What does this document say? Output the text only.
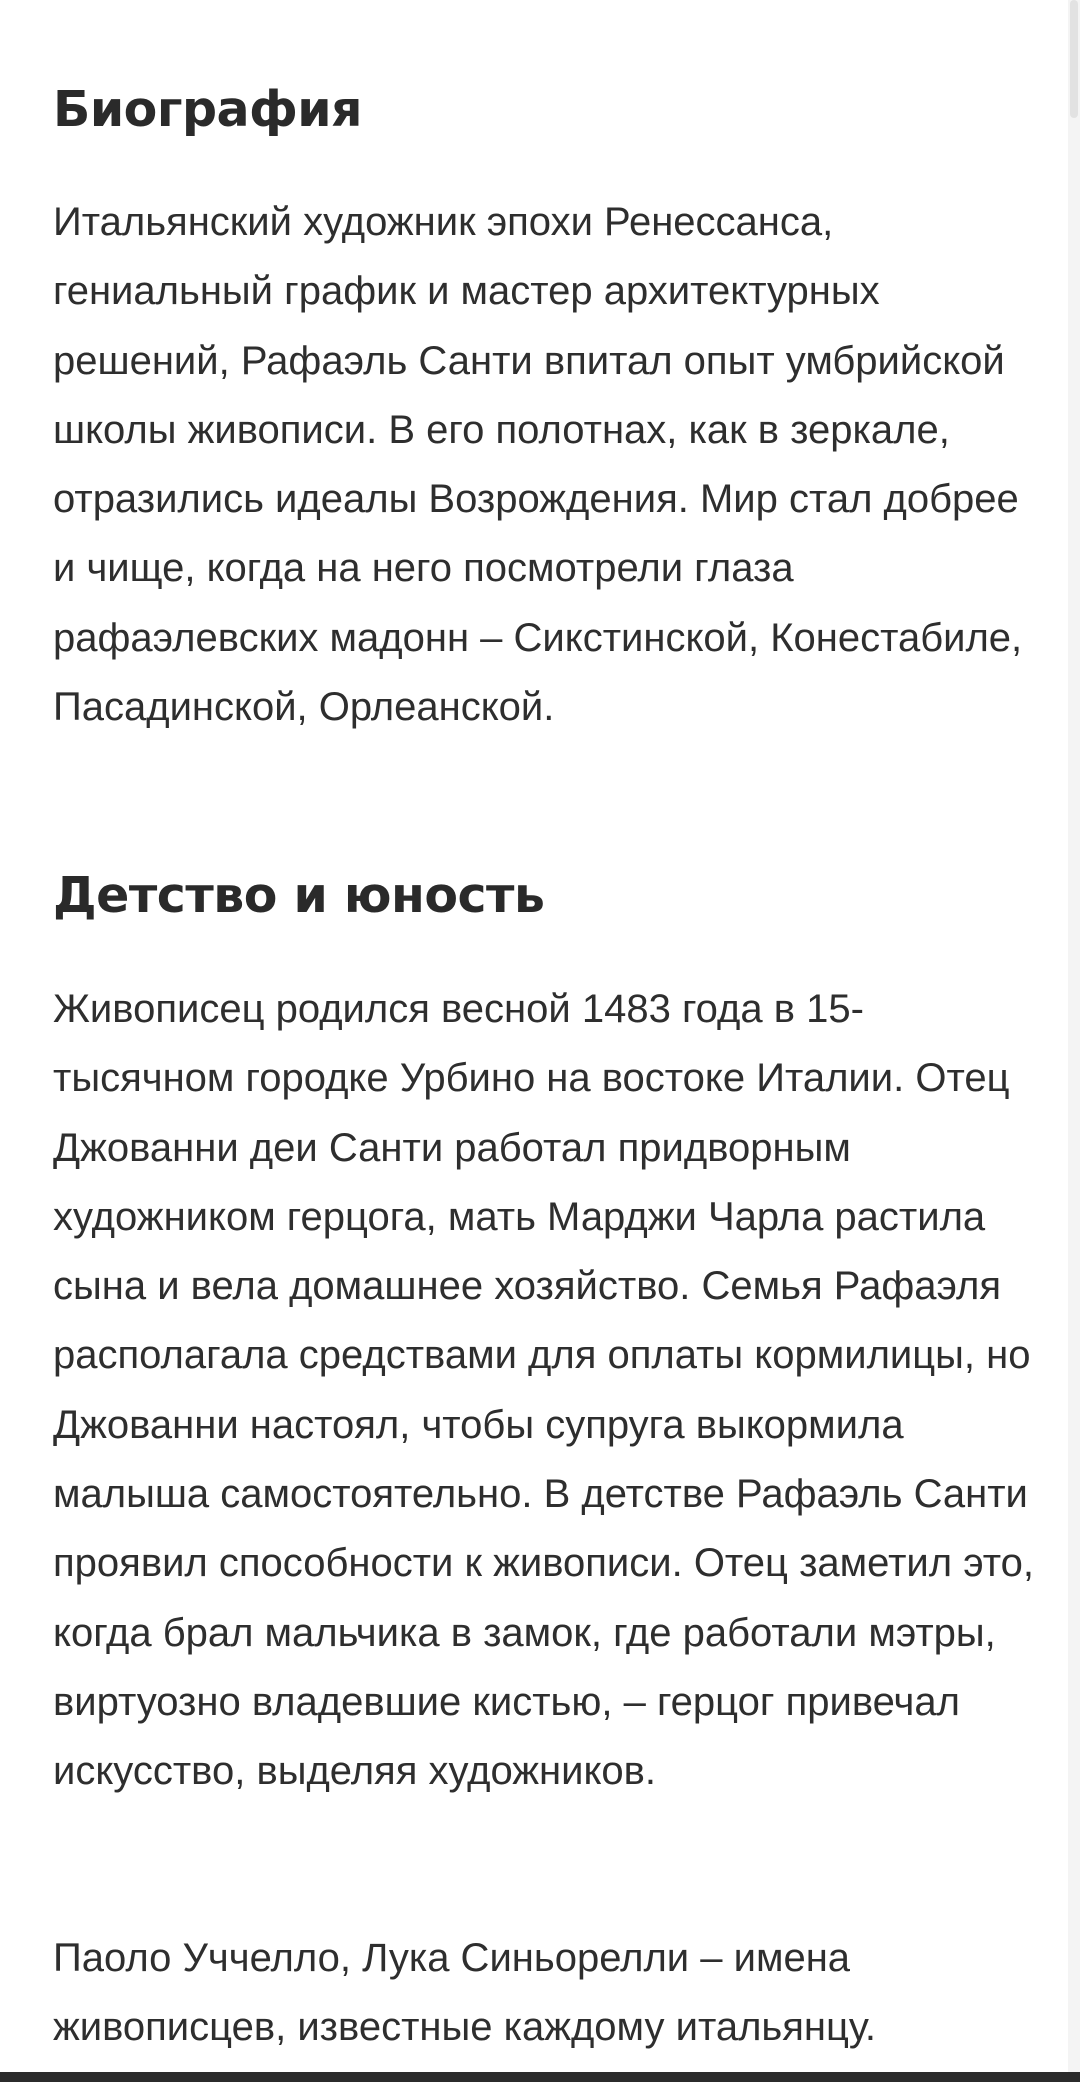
Биография

Итальянский художник эпохи Ренессанса, гениальный график и мастер архитектурных решений, Рафаэль Санти впитал опыт умбрийской школы живописи. В его полотнах, как в зеркале, отразились идеалы Возрождения. Мир стал добрее и чище, когда на него посмотрели глаза рафаэлевских мадонн – Сикстинской, Конестабиле, Пасадинской, Орлеанской.

Детство и юность

Живописец родился весной 1483 года в 15-тысячном городке Урбино на востоке Италии. Отец Джованни деи Санти работал придворным художником герцога, мать Марджи Чарла растила сына и вела домашнее хозяйство. Семья Рафаэля располагала средствами для оплаты кормилицы, но Джованни настоял, чтобы супруга выкормила малыша самостоятельно. В детстве Рафаэль Санти проявил способности к живописи. Отец заметил это, когда брал мальчика в замок, где работали мэтры, виртуозно владевшие кистью, – герцог привечал искусство, выделяя художников.

Паоло Уччелло, Лука Синьорелли – имена живописцев, известные каждому итальянцу.
